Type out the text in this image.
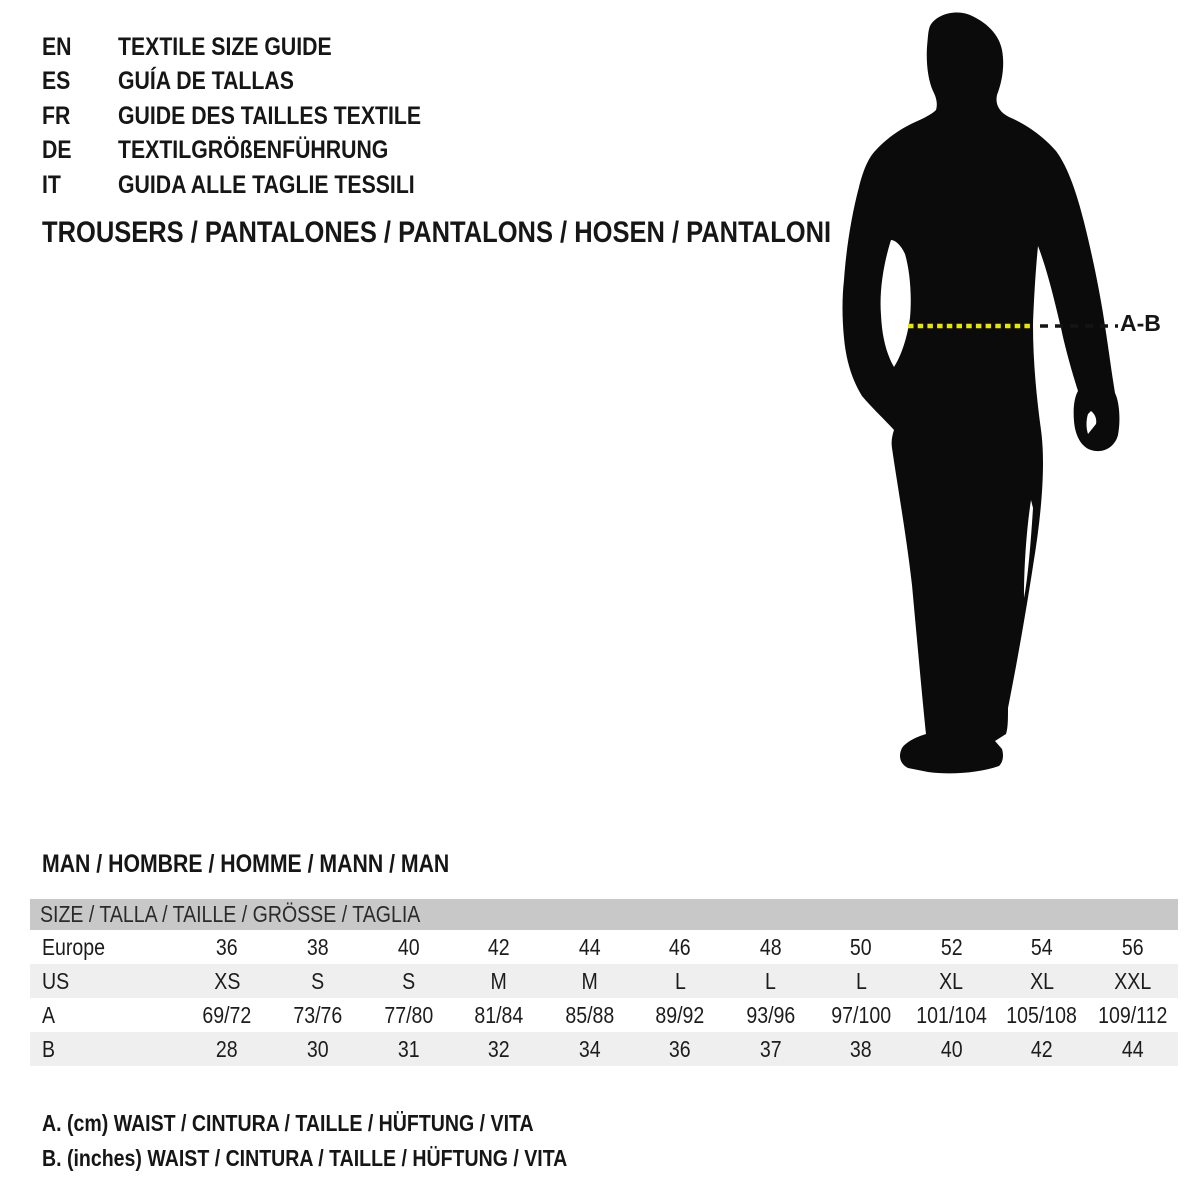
EN TEXTILE SIZE GUIDE
ES GUÍA DE TALLAS
FR GUIDE DES TAILLES TEXTILE
DE TEXTILGRÖßENFÜHRUNG
IT GUIDA ALLE TAGLIE TESSILI
TROUSERS / PANTALONES / PANTALONS / HOSEN / PANTALONI
A-B
MAN / HOMBRE / HOMME / MANN / MAN
SIZE / TALLA / TAILLE / GRÖSSE / TAGLIA
Europe	36	38	40	42	44	46	48	50	52	54	56
US	XS	S	S	M	M	L	L	L	XL	XL	XXL
A	69/72	73/76	77/80	81/84	85/88	89/92	93/96	97/100	101/104	105/108	109/112
B	28	30	31	32	34	36	37	38	40	42	44
A. (cm) WAIST / CINTURA / TAILLE / HÜFTUNG / VITA
B. (inches) WAIST / CINTURA / TAILLE / HÜFTUNG / VITA
